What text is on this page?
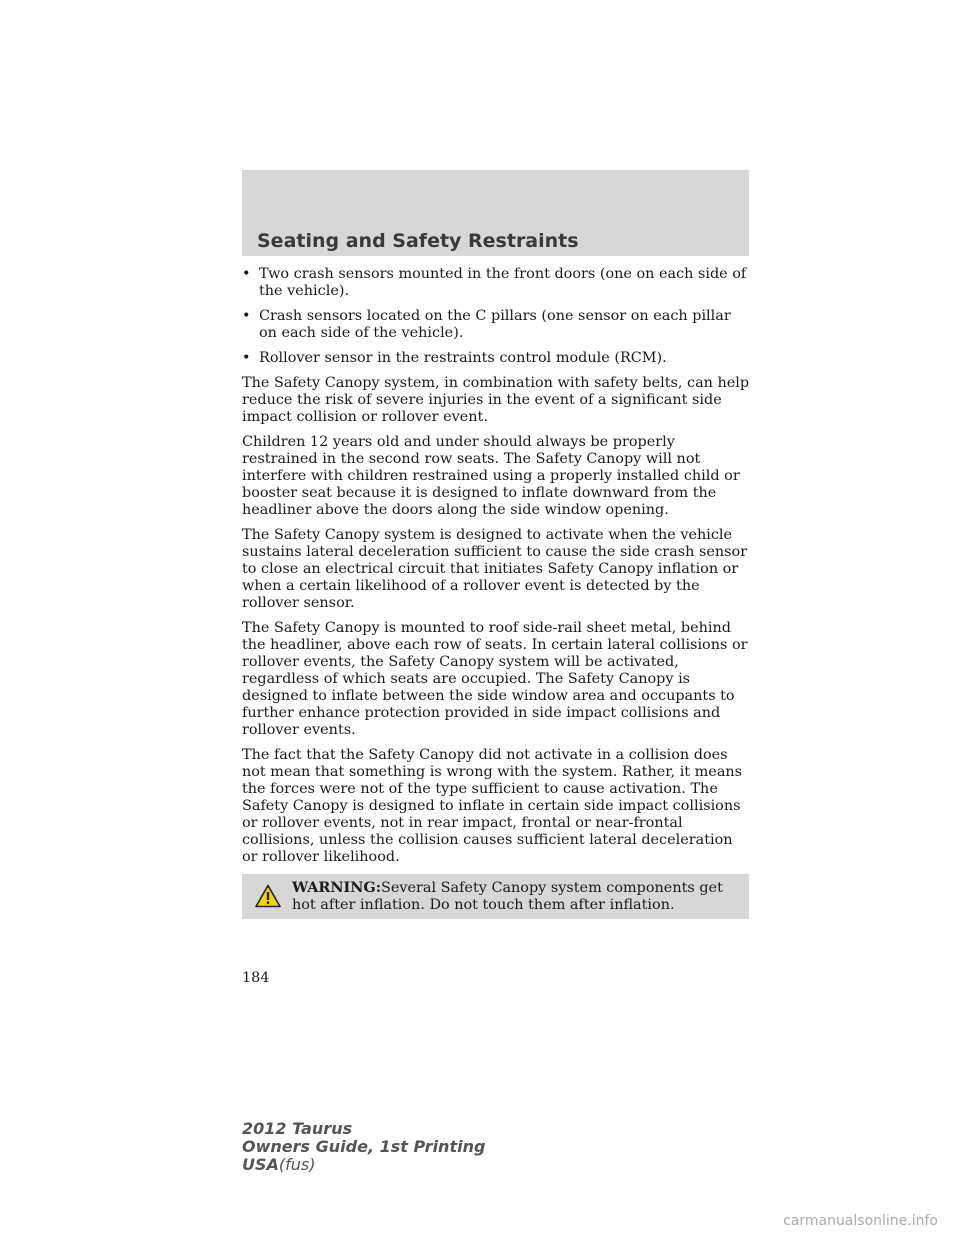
Seating and Safety Restraints
• Two crash sensors mounted in the front doors (one on each side of the vehicle).
• Crash sensors located on the C pillars (one sensor on each pillar on each side of the vehicle).
• Rollover sensor in the restraints control module (RCM).

The Safety Canopy system, in combination with safety belts, can help reduce the risk of severe injuries in the event of a significant side impact collision or rollover event.

Children 12 years old and under should always be properly restrained in the second row seats. The Safety Canopy will not interfere with children restrained using a properly installed child or booster seat because it is designed to inflate downward from the headliner above the doors along the side window opening.

The Safety Canopy system is designed to activate when the vehicle sustains lateral deceleration sufficient to cause the side crash sensor to close an electrical circuit that initiates Safety Canopy inflation or when a certain likelihood of a rollover event is detected by the rollover sensor.

The Safety Canopy is mounted to roof side-rail sheet metal, behind the headliner, above each row of seats. In certain lateral collisions or rollover events, the Safety Canopy system will be activated, regardless of which seats are occupied. The Safety Canopy is designed to inflate between the side window area and occupants to further enhance protection provided in side impact collisions and rollover events.

The fact that the Safety Canopy did not activate in a collision does not mean that something is wrong with the system. Rather, it means the forces were not of the type sufficient to cause activation. The Safety Canopy is designed to inflate in certain side impact collisions or rollover events, not in rear impact, frontal or near-frontal collisions, unless the collision causes sufficient lateral deceleration or rollover likelihood.

WARNING:Several Safety Canopy system components get hot after inflation. Do not touch them after inflation.
184
2012 Taurus
Owners Guide, 1st Printing
USA(fus)
carmanualsonline.info
